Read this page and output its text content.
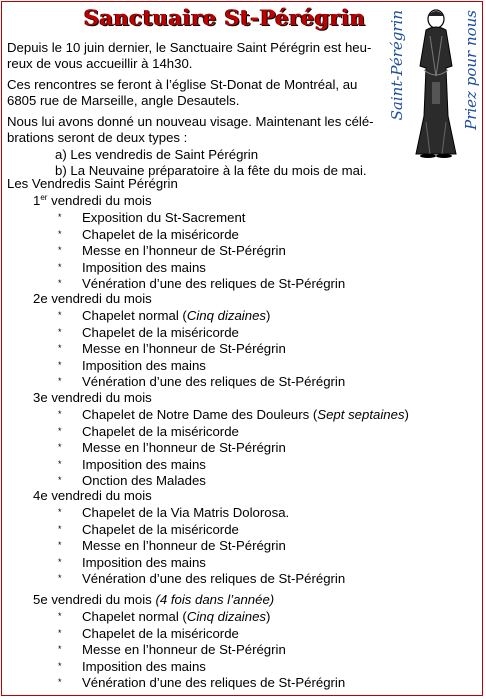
Sanctuaire St-Pérégrin

Depuis le 10 juin dernier, le Sanctuaire Saint Pérégrin est heu-reux de vous accueillir à 14h30.

Ces rencontres se feront à l’église St-Donat de Montréal, au 6805 rue de Marseille, angle Desautels.

Nous lui avons donné un nouveau visage. Maintenant les célé-brations seront de deux types :

a) Les vendredis de Saint Pérégrin
b) La Neuvaine préparatoire à la fête du mois de mai.
Saint-Pérégrin	Priez pour nous
Les Vendredis Saint Pérégrin
1er vendredi du mois
* Exposition du St-Sacrement
* Chapelet de la miséricorde
* Messe en l’honneur de St-Pérégrin
* Imposition des mains
* Vénération d’une des reliques de St-Pérégrin
2e vendredi du mois
* Chapelet normal (Cinq dizaines)
* Chapelet de la miséricorde
* Messe en l’honneur de St-Pérégrin
* Imposition des mains
* Vénération d’une des reliques de St-Pérégrin
3e vendredi du mois
* Chapelet de Notre Dame des Douleurs (Sept septaines)
* Chapelet de la miséricorde
* Messe en l’honneur de St-Pérégrin
* Imposition des mains
* Onction des Malades
4e vendredi du mois
* Chapelet de la Via Matris Dolorosa.
* Chapelet de la miséricorde
* Messe en l’honneur de St-Pérégrin
* Imposition des mains
* Vénération d’une des reliques de St-Pérégrin
5e vendredi du mois (4 fois dans l’année)
* Chapelet normal (Cinq dizaines)
* Chapelet de la miséricorde
* Messe en l’honneur de St-Pérégrin
* Imposition des mains
* Vénération d’une des reliques de St-Pérégrin
